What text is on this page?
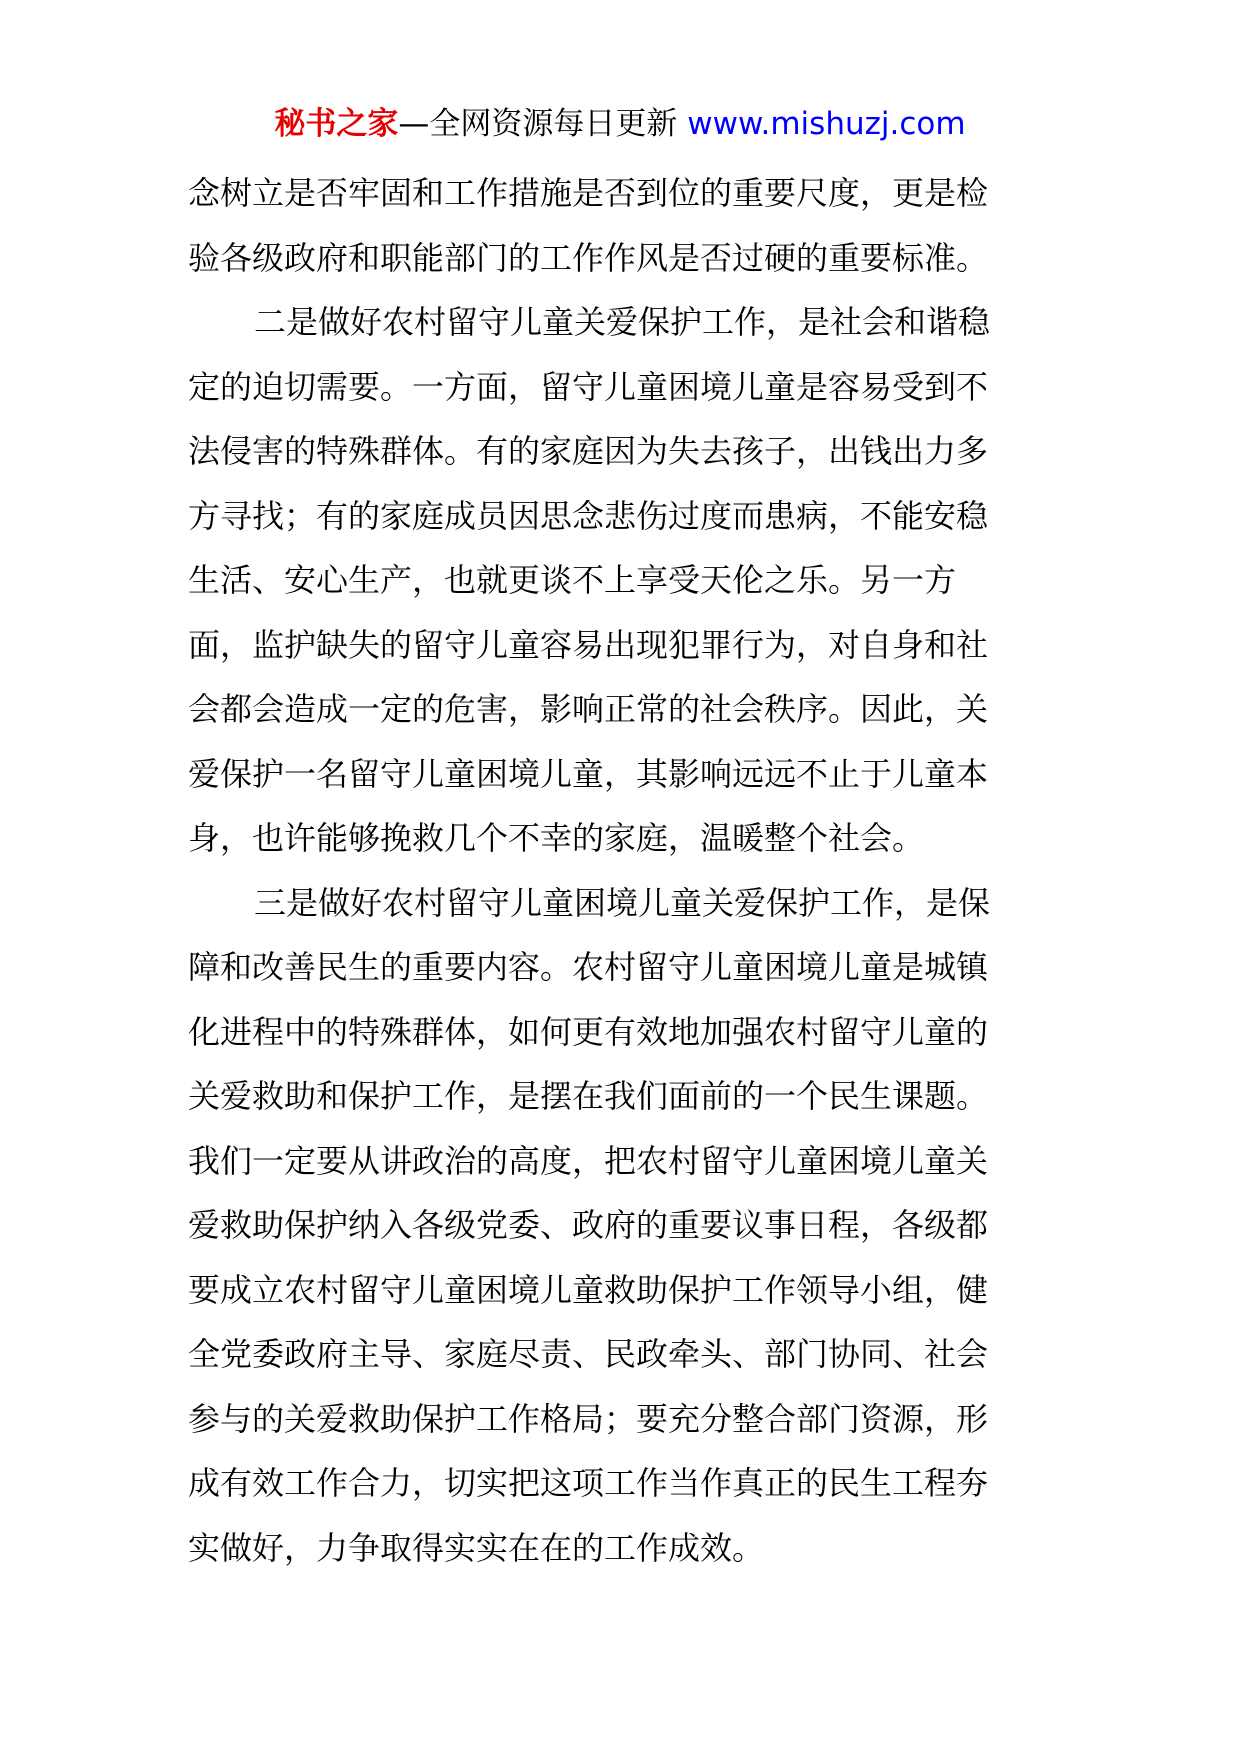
秘书之家—全网资源每日更新 www.mishuzj.com
念树立是否牢固和工作措施是否到位的重要尺度，更是检
验各级政府和职能部门的工作作风是否过硬的重要标准。
二是做好农村留守儿童关爱保护工作，是社会和谐稳
定的迫切需要。一方面，留守儿童困境儿童是容易受到不
法侵害的特殊群体。有的家庭因为失去孩子，出钱出力多
方寻找；有的家庭成员因思念悲伤过度而患病，不能安稳
生活、安心生产，也就更谈不上享受天伦之乐。另一方
面，监护缺失的留守儿童容易出现犯罪行为，对自身和社
会都会造成一定的危害，影响正常的社会秩序。因此，关
爱保护一名留守儿童困境儿童，其影响远远不止于儿童本
身，也许能够挽救几个不幸的家庭，温暖整个社会。
三是做好农村留守儿童困境儿童关爱保护工作，是保
障和改善民生的重要内容。农村留守儿童困境儿童是城镇
化进程中的特殊群体，如何更有效地加强农村留守儿童的
关爱救助和保护工作，是摆在我们面前的一个民生课题。
我们一定要从讲政治的高度，把农村留守儿童困境儿童关
爱救助保护纳入各级党委、政府的重要议事日程，各级都
要成立农村留守儿童困境儿童救助保护工作领导小组，健
全党委政府主导、家庭尽责、民政牵头、部门协同、社会
参与的关爱救助保护工作格局；要充分整合部门资源，形
成有效工作合力，切实把这项工作当作真正的民生工程夯
实做好，力争取得实实在在的工作成效。
